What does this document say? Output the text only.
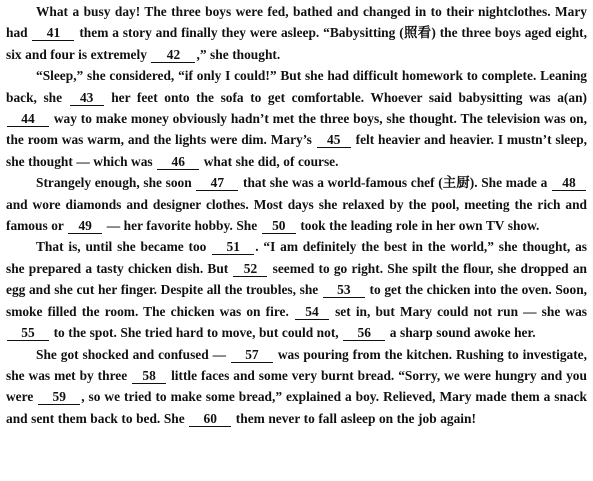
What a busy day! The three boys were fed, bathed and changed in to their nightclothes. Mary had 41 them a story and finally they were asleep. “Babysitting (照看) the three boys aged eight, six and four is extremely 42 ,” she thought.

“Sleep,” she considered, “if only I could!” But she had difficult homework to complete. Leaning back, she 43 her feet onto the sofa to get comfortable. Whoever said babysitting was a(an) 44 way to make money obviously hadn’t met the three boys, she thought. The television was on, the room was warm, and the lights were dim. Mary’s 45 felt heavier and heavier. I mustn’t sleep, she thought — which was 46 what she did, of course.

Strangely enough, she soon 47 that she was a world-famous chef (主厨). She made a 48 and wore diamonds and designer clothes. Most days she relaxed by the pool, meeting the rich and famous or 49 — her favorite hobby. She 50 took the leading role in her own TV show.

That is, until she became too 51 . “I am definitely the best in the world,” she thought, as she prepared a tasty chicken dish. But 52 seemed to go right. She spilt the flour, she dropped an egg and she cut her finger. Despite all the troubles, she 53 to get the chicken into the oven. Soon, smoke filled the room. The chicken was on fire. 54 set in, but Mary could not run — she was 55 to the spot. She tried hard to move, but could not, 56 a sharp sound awoke her.

She got shocked and confused — 57 was pouring from the kitchen. Rushing to investigate, she was met by three 58 little faces and some very burnt bread. “Sorry, we were hungry and you were 59 , so we tried to make some bread,” explained a boy. Relieved, Mary made them a snack and sent them back to bed. She 60 them never to fall asleep on the job again!
